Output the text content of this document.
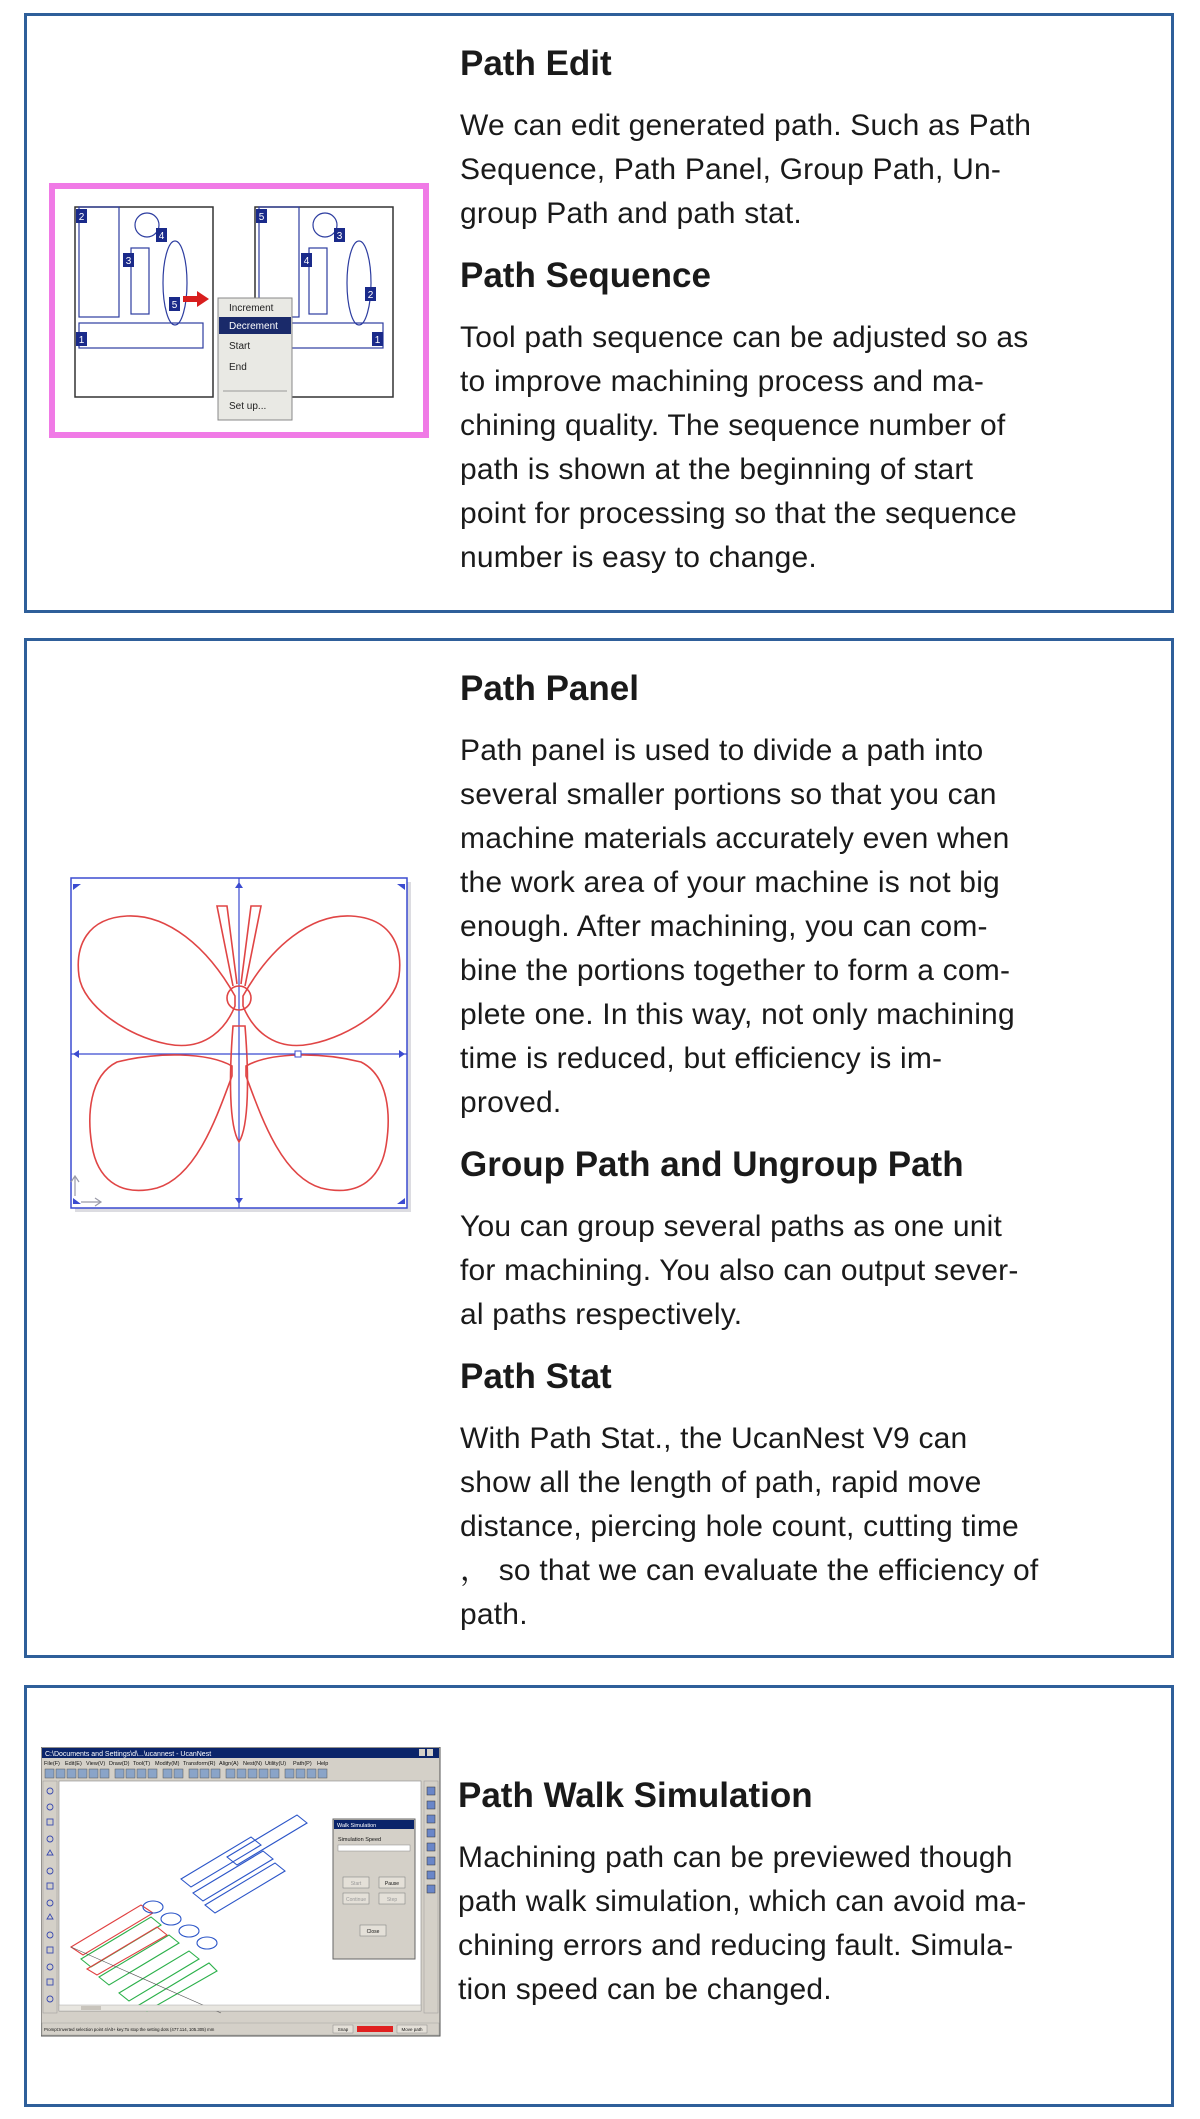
2
4
3
5
1
5
3
4
2
1
Increment
Decrement
Start
End
Set up...

Path Edit

We can edit generated path. Such as Path

Sequence, Path Panel, Group Path, Un-

group Path and path stat.

Path Sequence

Tool path sequence can be adjusted so as

to improve machining process and ma-

chining quality. The sequence number of

path is shown at the beginning of start

point for processing so that the sequence

number is easy to change.

Path Panel

Path panel is used to divide a path into

several smaller portions so that you can

machine materials accurately even when

the work area of your machine is not big

enough. After machining, you can com-

bine the portions together to form a com-

plete one. In this way, not only machining

time is reduced, but efficiency is im-

proved.

Group Path and Ungroup Path

You can group several paths as one unit

for machining. You also can output sever-

al paths respectively.

Path Stat

With Path Stat., the UcanNest V9 can

show all the length of path, rapid move

distance, piercing hole count, cutting time

， so that we can evaluate the efficiency of

path.

C:\Documents and Settings\d\...\ucannest - UcanNest
File(F) Edit(E) View(V) Draw(D) Tool(T) Modify(M) Transform(R) Align(A) Nest(N) Utility(U) Path(P) Help
Walk Simulation
Simulation Speed
Start	Pause
Continue	Step
Close
Prompt:Inverted selection point 4/Alt+ key:To stop the setting dots (477.114, 105.305) mm	Snap	Move path

Path Walk Simulation

Machining path can be previewed though

path walk simulation, which can avoid ma-

chining errors and reducing fault. Simula-

tion speed can be changed.
